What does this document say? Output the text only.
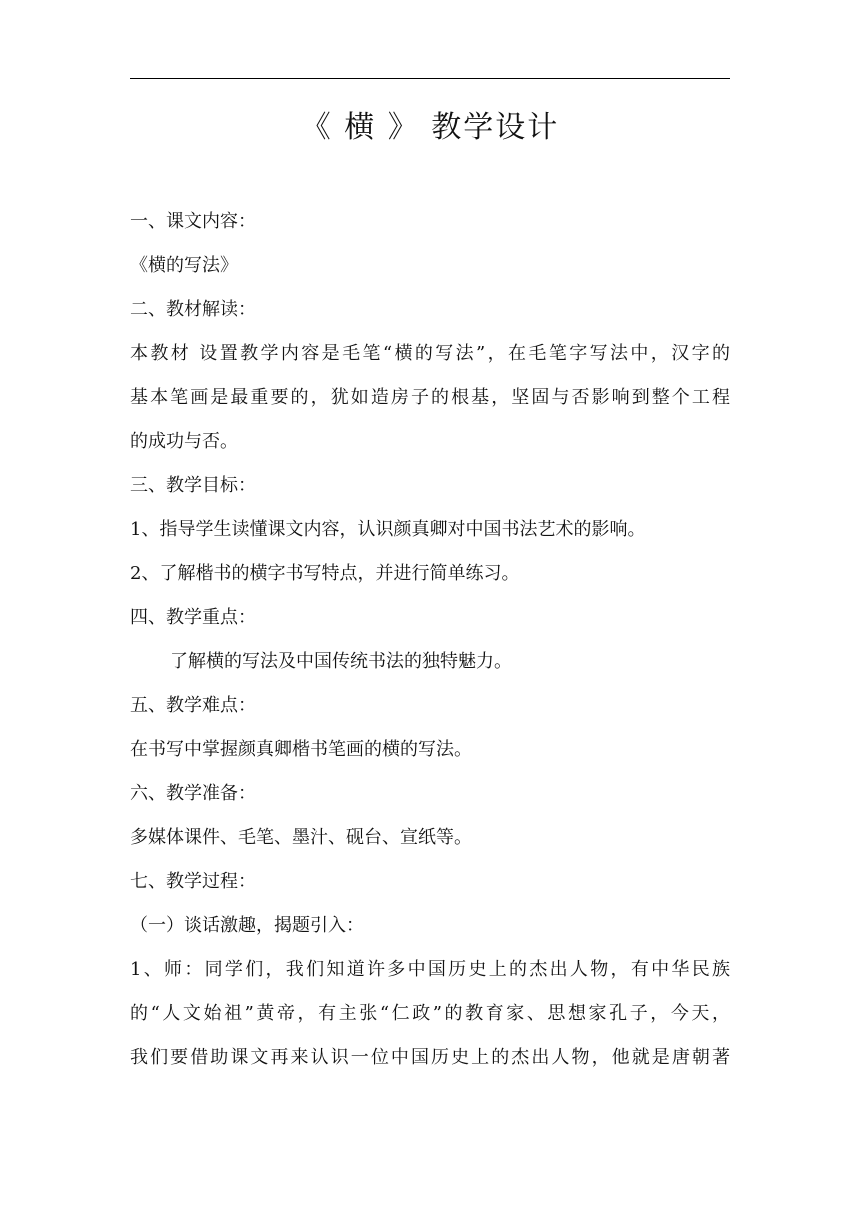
《 横 》 教学设计
一、课文内容：
《横的写法》
二、教材解读：
本教材 设置教学内容是毛笔“横的写法”，在毛笔字写法中，汉字的
基本笔画是最重要的，犹如造房子的根基，坚固与否影响到整个工程
的成功与否。
三、教学目标：
1、指导学生读懂课文内容，认识颜真卿对中国书法艺术的影响。
2、了解楷书的横字书写特点，并进行简单练习。
四、教学重点：
了解横的写法及中国传统书法的独特魅力。
五、教学难点：
在书写中掌握颜真卿楷书笔画的横的写法。
六、教学准备：
多媒体课件、毛笔、墨汁、砚台、宣纸等。
七、教学过程：
（一）谈话激趣，揭题引入：
1、师：同学们，我们知道许多中国历史上的杰出人物，有中华民族
的“人文始祖”黄帝，有主张“仁政”的教育家、思想家孔子，今天，
我们要借助课文再来认识一位中国历史上的杰出人物，他就是唐朝著
